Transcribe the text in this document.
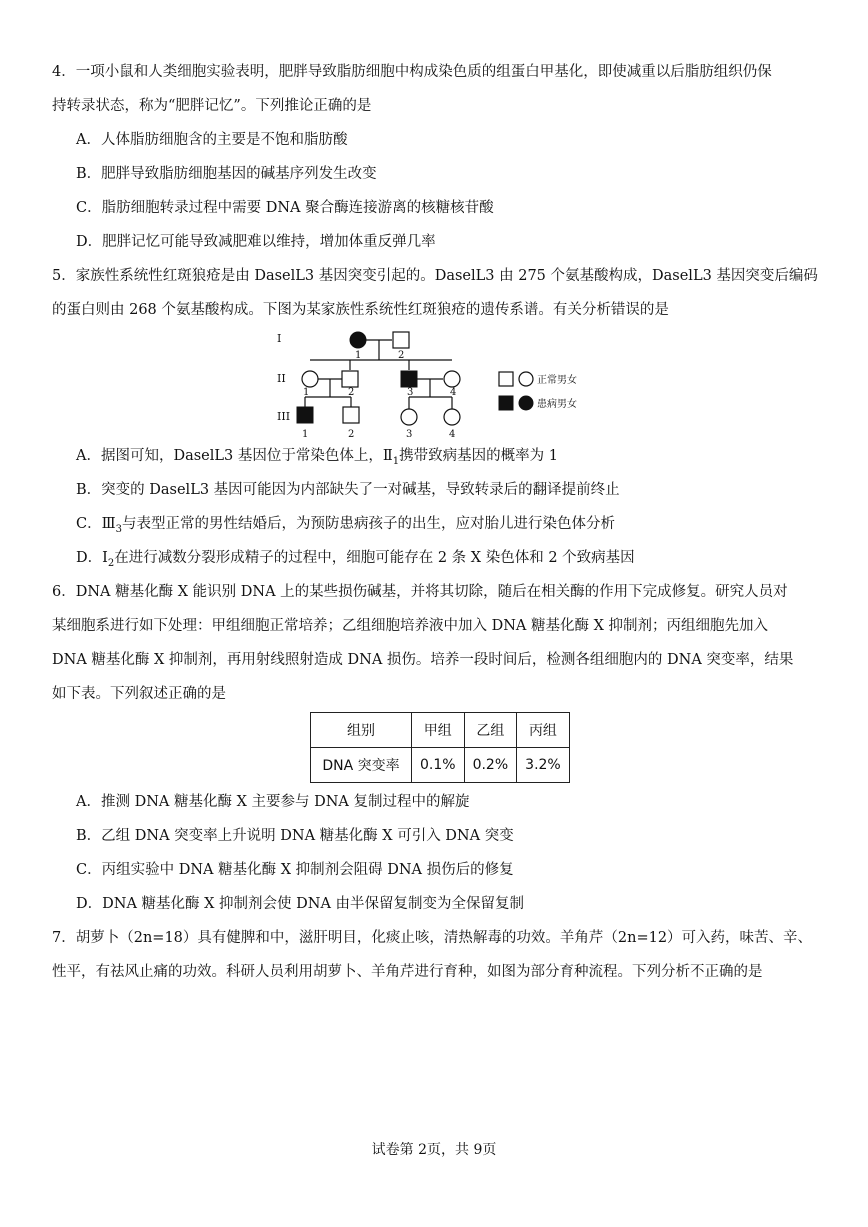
4．一项小鼠和人类细胞实验表明，肥胖导致脂肪细胞中构成染色质的组蛋白甲基化，即使减重以后脂肪组织仍保
持转录状态，称为“肥胖记忆”。下列推论正确的是
A．人体脂肪细胞含的主要是不饱和脂肪酸
B．肥胖导致脂肪细胞基因的碱基序列发生改变
C．脂肪细胞转录过程中需要 DNA 聚合酶连接游离的核糖核苷酸
D．肥胖记忆可能导致减肥难以维持，增加体重反弹几率
5．家族性系统性红斑狼疮是由 DaselL3 基因突变引起的。DaselL3 由 275 个氨基酸构成，DaselL3 基因突变后编码
的蛋白则由 268 个氨基酸构成。下图为某家族性系统性红斑狼疮的遗传系谱。有关分析错误的是
I
II
III
1	2
1	2	3	4
1	2	3	4
正常男女
患病男女
A．据图可知，DaselL3 基因位于常染色体上，$Ⅱ_1$携带致病基因的概率为 1
B．突变的 DaselL3 基因可能因为内部缺失了一对碱基，导致转录后的翻译提前终止
C．$Ⅲ_3$与表型正常的男性结婚后，为预防患病孩子的出生，应对胎儿进行染色体分析
D．$I_2$在进行减数分裂形成精子的过程中，细胞可能存在 2 条 X 染色体和 2 个致病基因
6．DNA 糖基化酶 X 能识别 DNA 上的某些损伤碱基，并将其切除，随后在相关酶的作用下完成修复。研究人员对
某细胞系进行如下处理：甲组细胞正常培养；乙组细胞培养液中加入 DNA 糖基化酶 X 抑制剂；丙组细胞先加入
DNA 糖基化酶 X 抑制剂，再用射线照射造成 DNA 损伤。培养一段时间后，检测各组细胞内的 DNA 突变率，结果
如下表。下列叙述正确的是
组别	甲组	乙组	丙组
DNA 突变率	0.1%	0.2%	3.2%
A．推测 DNA 糖基化酶 X 主要参与 DNA 复制过程中的解旋
B．乙组 DNA 突变率上升说明 DNA 糖基化酶 X 可引入 DNA 突变
C．丙组实验中 DNA 糖基化酶 X 抑制剂会阻碍 DNA 损伤后的修复
D．DNA 糖基化酶 X 抑制剂会使 DNA 由半保留复制变为全保留复制
7．胡萝卜（2n=18）具有健脾和中，滋肝明目，化痰止咳，清热解毒的功效。羊角芹（2n=12）可入药，味苦、辛、
性平，有祛风止痛的功效。科研人员利用胡萝卜、羊角芹进行育种，如图为部分育种流程。下列分析不正确的是
试卷第 2页，共 9页
